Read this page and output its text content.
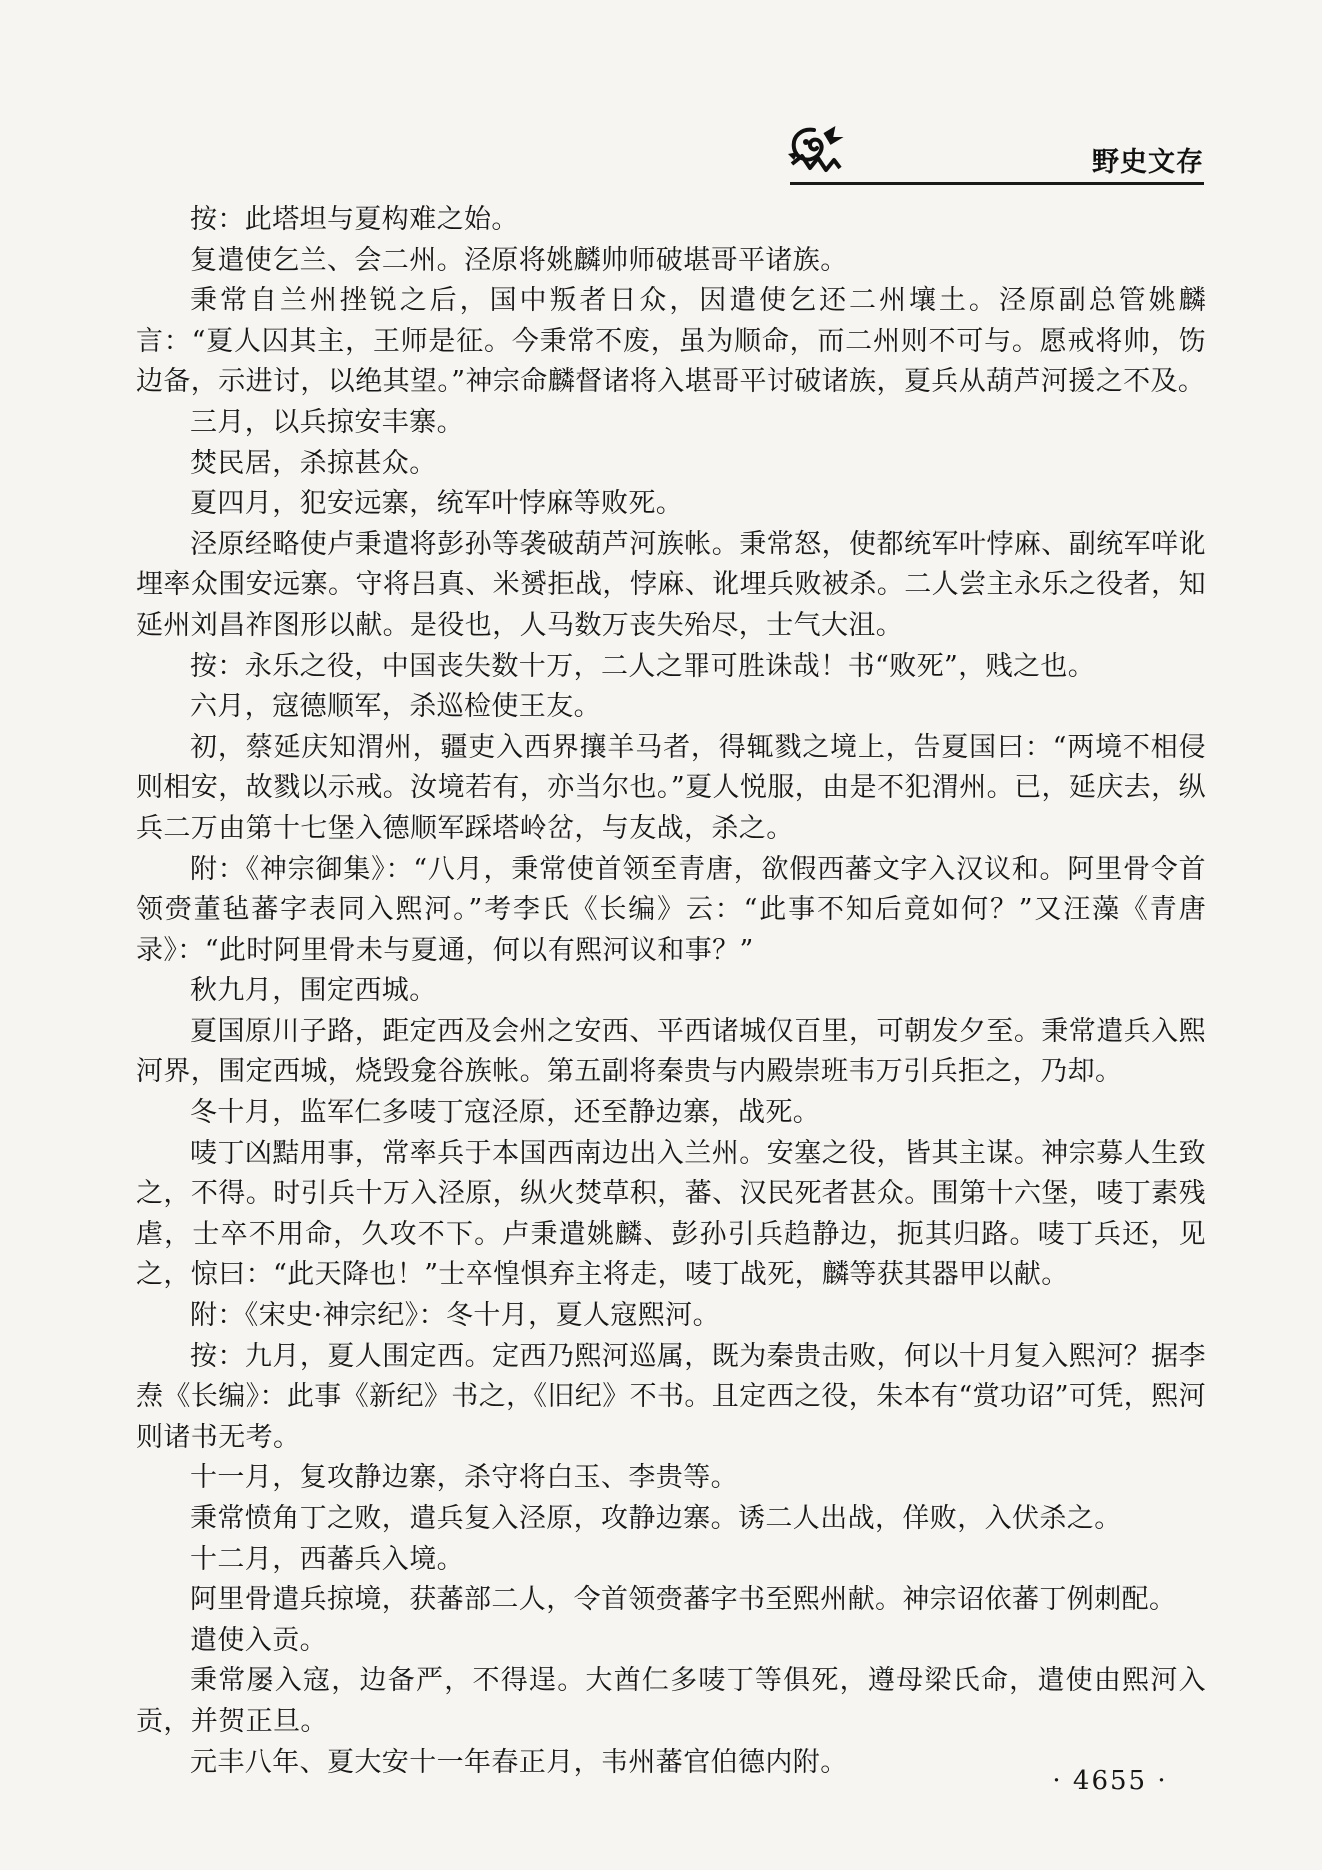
野史文存

按：此塔坦与夏构难之始。

复遣使乞兰、会二州。泾原将姚麟帅师破堪哥平诸族。

秉常自兰州挫锐之后，国中叛者日众，因遣使乞还二州壤土。泾原副总管姚麟言：“夏人囚其主，王师是征。今秉常不废，虽为顺命，而二州则不可与。愿戒将帅，饬边备，示进讨，以绝其望。”神宗命麟督诸将入堪哥平讨破诸族，夏兵从葫芦河援之不及。

三月，以兵掠安丰寨。

焚民居，杀掠甚众。

夏四月，犯安远寨，统军叶悖麻等败死。

泾原经略使卢秉遣将彭孙等袭破葫芦河族帐。秉常怒，使都统军叶悖麻、副统军咩讹埋率众围安远寨。守将吕真、米赟拒战，悖麻、讹埋兵败被杀。二人尝主永乐之役者，知延州刘昌祚图形以献。是役也，人马数万丧失殆尽，士气大沮。

按：永乐之役，中国丧失数十万，二人之罪可胜诛哉！书“败死”，贱之也。

六月，寇德顺军，杀巡检使王友。

初，蔡延庆知渭州，疆吏入西界攘羊马者，得辄戮之境上，告夏国曰：“两境不相侵则相安，故戮以示戒。汝境若有，亦当尔也。”夏人悦服，由是不犯渭州。已，延庆去，纵兵二万由第十七堡入德顺军踩塔岭岔，与友战，杀之。

附：《神宗御集》：“八月，秉常使首领至青唐，欲假西蕃文字入汉议和。阿里骨令首领赍董毡蕃字表同入熙河。”考李氏《长编》云：“此事不知后竟如何？”又汪藻《青唐录》：“此时阿里骨未与夏通，何以有熙河议和事？”

秋九月，围定西城。

夏国原川子路，距定西及会州之安西、平西诸城仅百里，可朝发夕至。秉常遣兵入熙河界，围定西城，烧毁龛谷族帐。第五副将秦贵与内殿崇班韦万引兵拒之，乃却。

冬十月，监军仁多唛丁寇泾原，还至静边寨，战死。

唛丁凶黠用事，常率兵于本国西南边出入兰州。安塞之役，皆其主谋。神宗募人生致之，不得。时引兵十万入泾原，纵火焚草积，蕃、汉民死者甚众。围第十六堡，唛丁素残虐，士卒不用命，久攻不下。卢秉遣姚麟、彭孙引兵趋静边，扼其归路。唛丁兵还，见之，惊曰：“此天降也！”士卒惶惧弃主将走，唛丁战死，麟等获其器甲以献。

附：《宋史·神宗纪》：冬十月，夏人寇熙河。

按：九月，夏人围定西。定西乃熙河巡属，既为秦贵击败，何以十月复入熙河？据李焘《长编》：此事《新纪》书之，《旧纪》不书。且定西之役，朱本有“赏功诏”可凭，熙河则诸书无考。

十一月，复攻静边寨，杀守将白玉、李贵等。

秉常愤角丁之败，遣兵复入泾原，攻静边寨。诱二人出战，佯败，入伏杀之。

十二月，西蕃兵入境。

阿里骨遣兵掠境，获蕃部二人，令首领赍蕃字书至熙州献。神宗诏依蕃丁例刺配。

遣使入贡。

秉常屡入寇，边备严，不得逞。大酋仁多唛丁等俱死，遵母梁氏命，遣使由熙河入贡，并贺正旦。

元丰八年、夏大安十一年春正月，韦州蕃官伯德内附。

· 4655 ·
